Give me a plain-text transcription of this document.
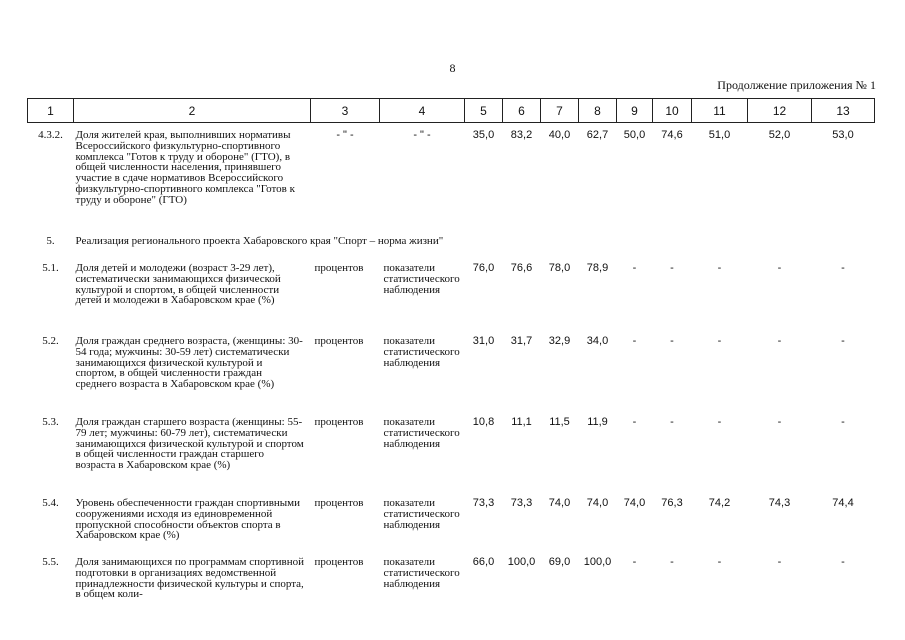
8
Продолжение приложения № 1
1	2	3	4	5	6	7	8	9	10	11	12	13
4.3.2.	Доля жителей края, выполнивших нормативы Всероссийского физкультурно-спортивного комплекса "Готов к труду и обороне" (ГТО), в общей численности населения, принявшего участие в сдаче нормативов Всероссийского физкультурно-спортивного комплекса "Готов к труду и обороне" (ГТО)	- " -	- " -	35,0	83,2	40,0	62,7	50,0	74,6	51,0	52,0	53,0
5.	Реализация регионального проекта Хабаровского края "Спорт – норма жизни"											
5.1.	Доля детей и молодежи (возраст 3-29 лет), систематически занимающихся физической культурой и спортом, в общей численности детей и молодежи в Хабаровском крае (%)	процентов	показатели статистического наблюдения	76,0	76,6	78,0	78,9	-	-	-	-	-
5.2.	Доля граждан среднего возраста, (женщины: 30-54 года; мужчины: 30-59 лет) систематически занимающихся физической культурой и спортом, в общей численности граждан среднего возраста в Хабаровском крае (%)	процентов	показатели статистического наблюдения	31,0	31,7	32,9	34,0	-	-	-	-	-
5.3.	Доля граждан старшего возраста (женщины: 55-79 лет; мужчины: 60-79 лет), систематически занимающихся физической культурой и спортом в общей численности граждан старшего возраста в Хабаровском крае (%)	процентов	показатели статистического наблюдения	10,8	11,1	11,5	11,9	-	-	-	-	-
5.4.	Уровень обеспеченности граждан спортивными сооружениями исходя из единовременной пропускной способности объектов спорта в Хабаровском крае (%)	процентов	показатели статистического наблюдения	73,3	73,3	74,0	74,0	74,0	76,3	74,2	74,3	74,4
5.5.	Доля занимающихся по программам спортивной подготовки в организациях ведомственной принадлежности физической культуры и спорта, в общем коли-	процентов	показатели статистического наблюдения	66,0	100,0	69,0	100,0	-	-	-	-	-
